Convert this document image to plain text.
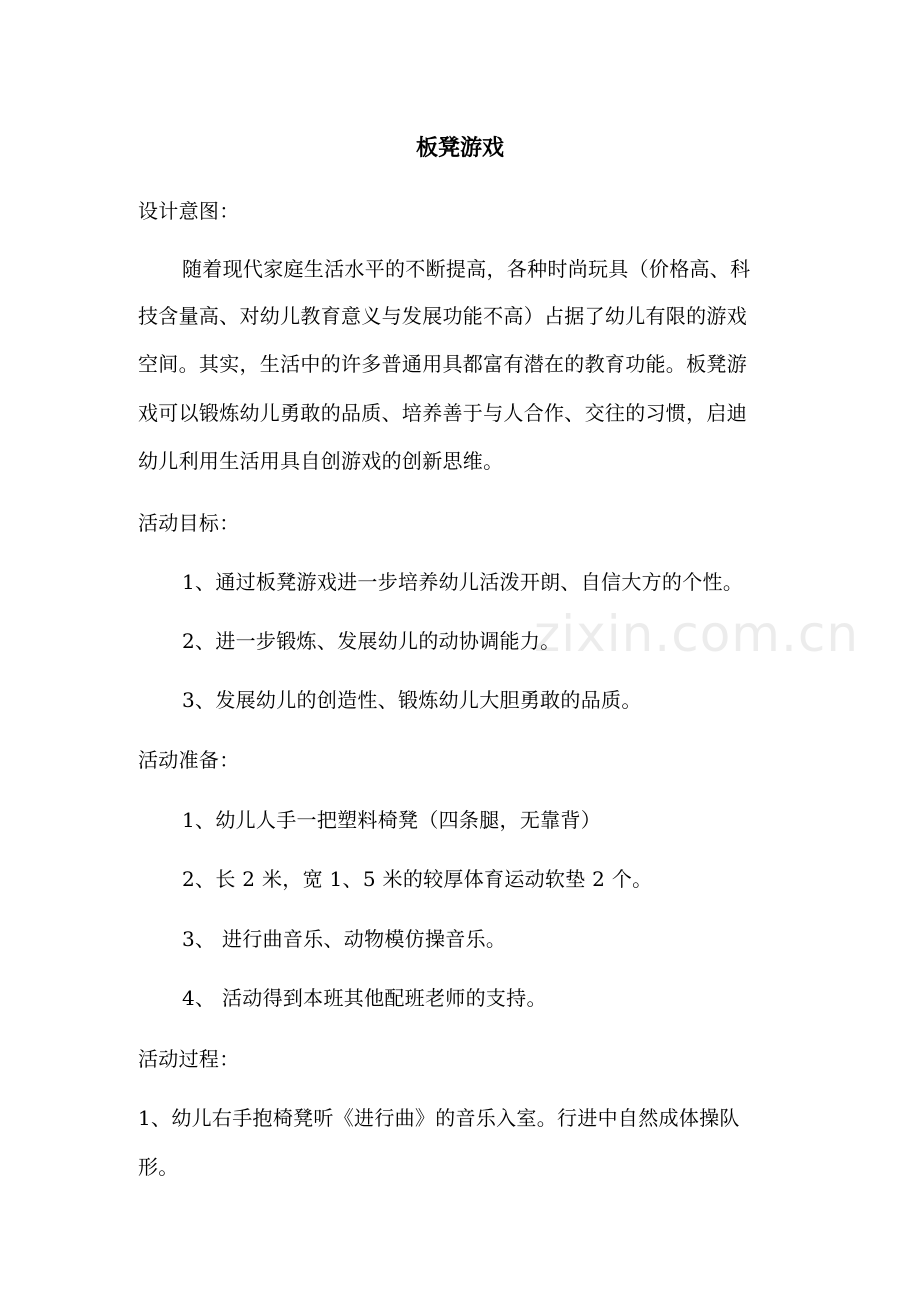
板凳游戏
设计意图：
随着现代家庭生活水平的不断提高，各种时尚玩具（价格高、科
技含量高、对幼儿教育意义与发展功能不高）占据了幼儿有限的游戏
空间。其实，生活中的许多普通用具都富有潜在的教育功能。板凳游
戏可以锻炼幼儿勇敢的品质、培养善于与人合作、交往的习惯，启迪
幼儿利用生活用具自创游戏的创新思维。
活动目标：
1、通过板凳游戏进一步培养幼儿活泼开朗、自信大方的个性。
2、进一步锻炼、发展幼儿的动协调能力。
3、发展幼儿的创造性、锻炼幼儿大胆勇敢的品质。
活动准备：
1、幼儿人手一把塑料椅凳（四条腿，无靠背）
2、长 2 米，宽 1、5 米的较厚体育运动软垫 2 个。
3、 进行曲音乐、动物模仿操音乐。
4、 活动得到本班其他配班老师的支持。
活动过程：
1、幼儿右手抱椅凳听《进行曲》的音乐入室。行进中自然成体操队
形。
zixin.com.cn
